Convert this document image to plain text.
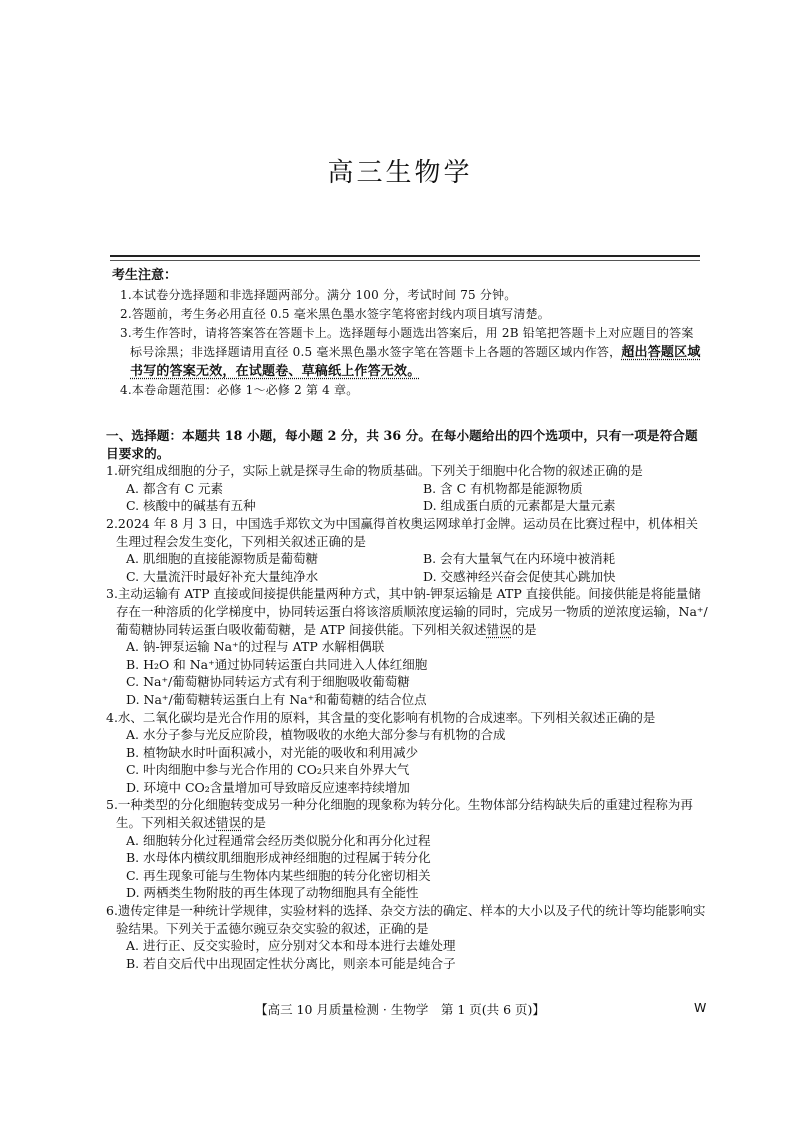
高三生物学
考生注意：

1.本试卷分选择题和非选择题两部分。满分 100 分，考试时间 75 分钟。

2.答题前，考生务必用直径 0.5 毫米黑色墨水签字笔将密封线内项目填写清楚。

3.考生作答时，请将答案答在答题卡上。选择题每小题选出答案后，用 2B 铅笔把答题卡上对应题目的答案标号涂黑；非选择题请用直径 0.5 毫米黑色墨水签字笔在答题卡上各题的答题区域内作答，超出答题区域书写的答案无效，在试题卷、草稿纸上作答无效。

4.本卷命题范围：必修 1～必修 2 第 4 章。

一、选择题：本题共 18 小题，每小题 2 分，共 36 分。在每小题给出的四个选项中，只有一项是符合题目要求的。

1.研究组成细胞的分子，实际上就是探寻生命的物质基础。下列关于细胞中化合物的叙述正确的是

A. 都含有 C 元素	B. 含 C 有机物都是能源物质
C. 核酸中的碱基有五种	D. 组成蛋白质的元素都是大量元素

2.2024 年 8 月 3 日，中国选手郑钦文为中国赢得首枚奥运网球单打金牌。运动员在比赛过程中，机体相关生理过程会发生变化，下列相关叙述正确的是

A. 肌细胞的直接能源物质是葡萄糖	B. 会有大量氧气在内环境中被消耗
C. 大量流汗时最好补充大量纯净水	D. 交感神经兴奋会促使其心跳加快

3.主动运输有 ATP 直接或间接提供能量两种方式，其中钠-钾泵运输是 ATP 直接供能。间接供能是将能量储存在一种溶质的化学梯度中，协同转运蛋白将该溶质顺浓度运输的同时，完成另一物质的逆浓度运输，Na⁺/葡萄糖协同转运蛋白吸收葡萄糖，是 ATP 间接供能。下列相关叙述错误的是

A. 钠-钾泵运输 Na⁺的过程与 ATP 水解相偶联
B. H₂O 和 Na⁺通过协同转运蛋白共同进入人体红细胞
C. Na⁺/葡萄糖协同转运方式有利于细胞吸收葡萄糖
D. Na⁺/葡萄糖转运蛋白上有 Na⁺和葡萄糖的结合位点

4.水、二氧化碳均是光合作用的原料，其含量的变化影响有机物的合成速率。下列相关叙述正确的是

A. 水分子参与光反应阶段，植物吸收的水绝大部分参与有机物的合成
B. 植物缺水时叶面积减小，对光能的吸收和利用减少
C. 叶肉细胞中参与光合作用的 CO₂只来自外界大气
D. 环境中 CO₂含量增加可导致暗反应速率持续增加

5.一种类型的分化细胞转变成另一种分化细胞的现象称为转分化。生物体部分结构缺失后的重建过程称为再生。下列相关叙述错误的是

A. 细胞转分化过程通常会经历类似脱分化和再分化过程
B. 水母体内横纹肌细胞形成神经细胞的过程属于转分化
C. 再生现象可能与生物体内某些细胞的转分化密切相关
D. 两栖类生物附肢的再生体现了动物细胞具有全能性

6.遗传定律是一种统计学规律，实验材料的选择、杂交方法的确定、样本的大小以及子代的统计等均能影响实验结果。下列关于孟德尔豌豆杂交实验的叙述，正确的是

A. 进行正、反交实验时，应分别对父本和母本进行去雄处理
B. 若自交后代中出现固定性状分离比，则亲本可能是纯合子
【高三 10 月质量检测 · 生物学　第 1 页(共 6 页)】	W
